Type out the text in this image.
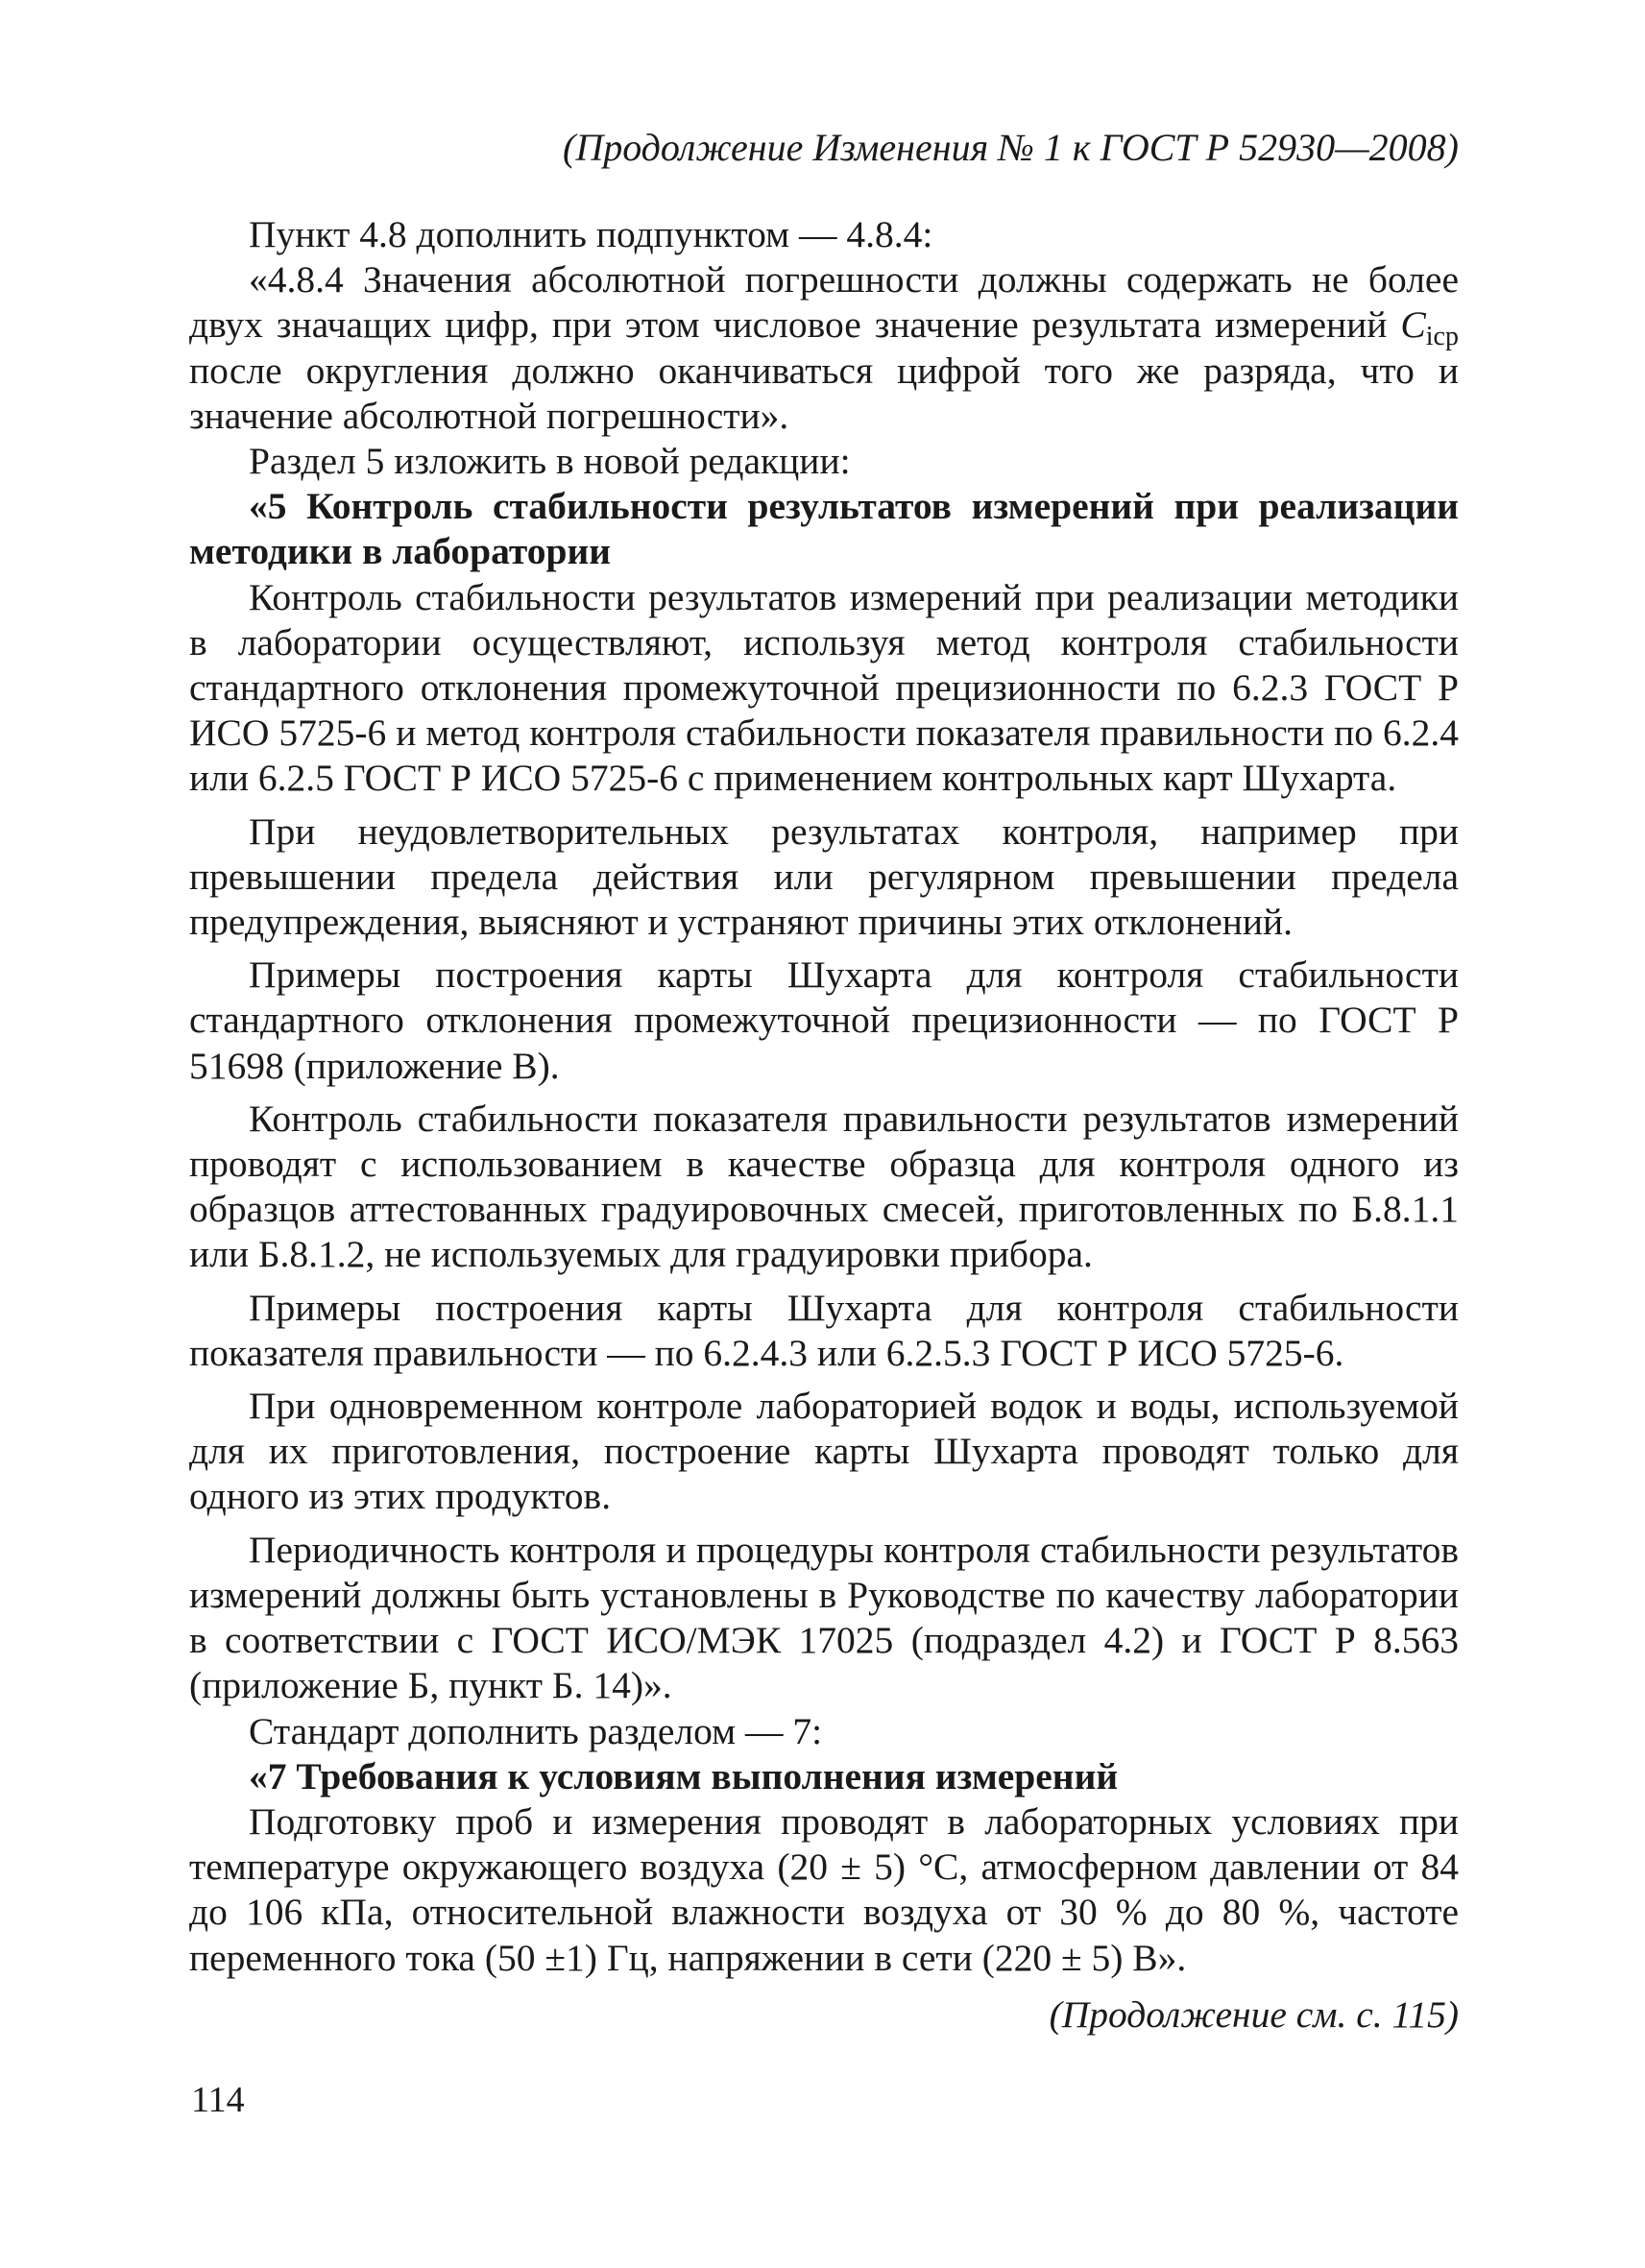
(Продолжение Изменения № 1 к ГОСТ Р 52930—2008)

Пункт 4.8 дополнить подпунктом — 4.8.4:

«4.8.4 Значения абсолютной погрешности должны содержать не более двух значащих цифр, при этом числовое значение результата измерений $C_{iср}$ после округления должно оканчиваться цифрой того же разряда, что и значение абсолютной погрешности».

Раздел 5 изложить в новой редакции:

«5 Контроль стабильности результатов измерений при реализации методики в лаборатории

Контроль стабильности результатов измерений при реализации методики в лаборатории осуществляют, используя метод контроля стабильности стандартного отклонения промежуточной прецизионности по 6.2.3 ГОСТ Р ИСО 5725-6 и метод контроля стабильности показателя правильности по 6.2.4 или 6.2.5 ГОСТ Р ИСО 5725-6 с применением контрольных карт Шухарта.

При неудовлетворительных результатах контроля, например при превышении предела действия или регулярном превышении предела предупреждения, выясняют и устраняют причины этих отклонений.

Примеры построения карты Шухарта для контроля стабильности стандартного отклонения промежуточной прецизионности — по ГОСТ Р 51698 (приложение В).

Контроль стабильности показателя правильности результатов измерений проводят с использованием в качестве образца для контроля одного из образцов аттестованных градуировочных смесей, приготовленных по Б.8.1.1 или Б.8.1.2, не используемых для градуировки прибора.

Примеры построения карты Шухарта для контроля стабильности показателя правильности — по 6.2.4.3 или 6.2.5.3 ГОСТ Р ИСО 5725-6.

При одновременном контроле лабораторией водок и воды, используемой для их приготовления, построение карты Шухарта проводят только для одного из этих продуктов.

Периодичность контроля и процедуры контроля стабильности результатов измерений должны быть установлены в Руководстве по качеству лаборатории в соответствии с ГОСТ ИСО/МЭК 17025 (подраздел 4.2) и ГОСТ Р 8.563 (приложение Б, пункт Б. 14)».

Стандарт дополнить разделом — 7:

«7 Требования к условиям выполнения измерений

Подготовку проб и измерения проводят в лабораторных условиях при температуре окружающего воздуха (20 ± 5) °С, атмосферном давлении от 84 до 106 кПа, относительной влажности воздуха от 30 % до 80 %, частоте переменного тока (50 ±1) Гц, напряжении в сети (220 ± 5) В».

(Продолжение см. с. 115)
114
